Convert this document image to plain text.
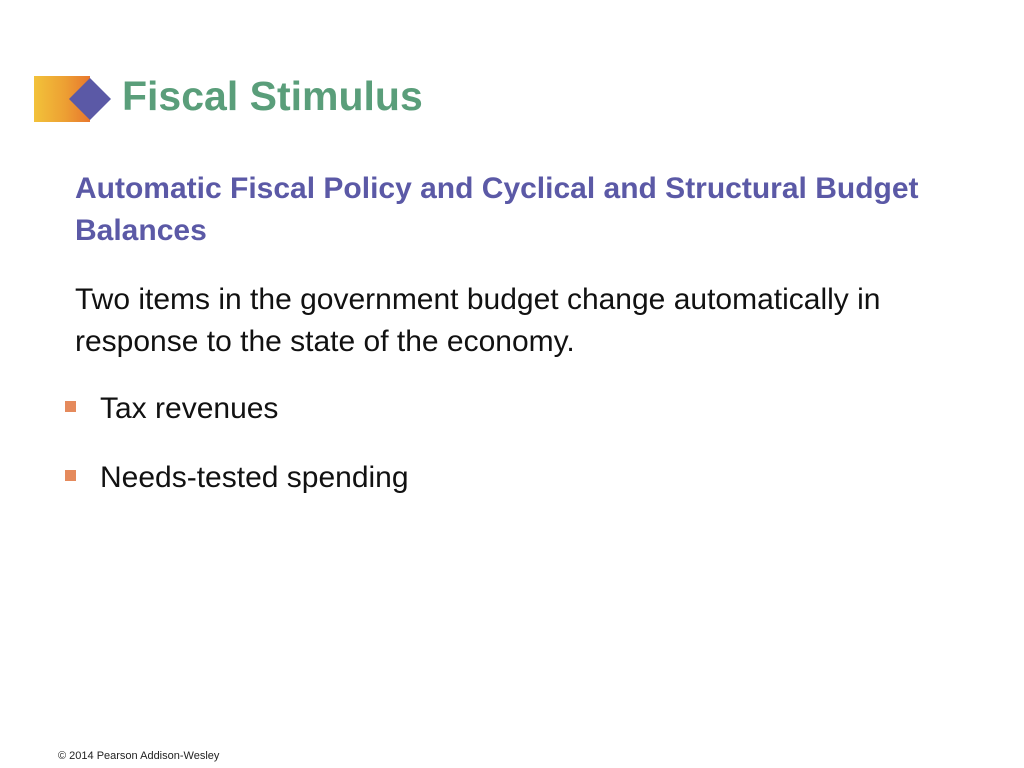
Fiscal Stimulus
Automatic Fiscal Policy and Cyclical and Structural Budget Balances

Two items in the government budget change automatically in response to the state of the economy.

Tax revenues
Needs-tested spending
© 2014 Pearson Addison-Wesley
